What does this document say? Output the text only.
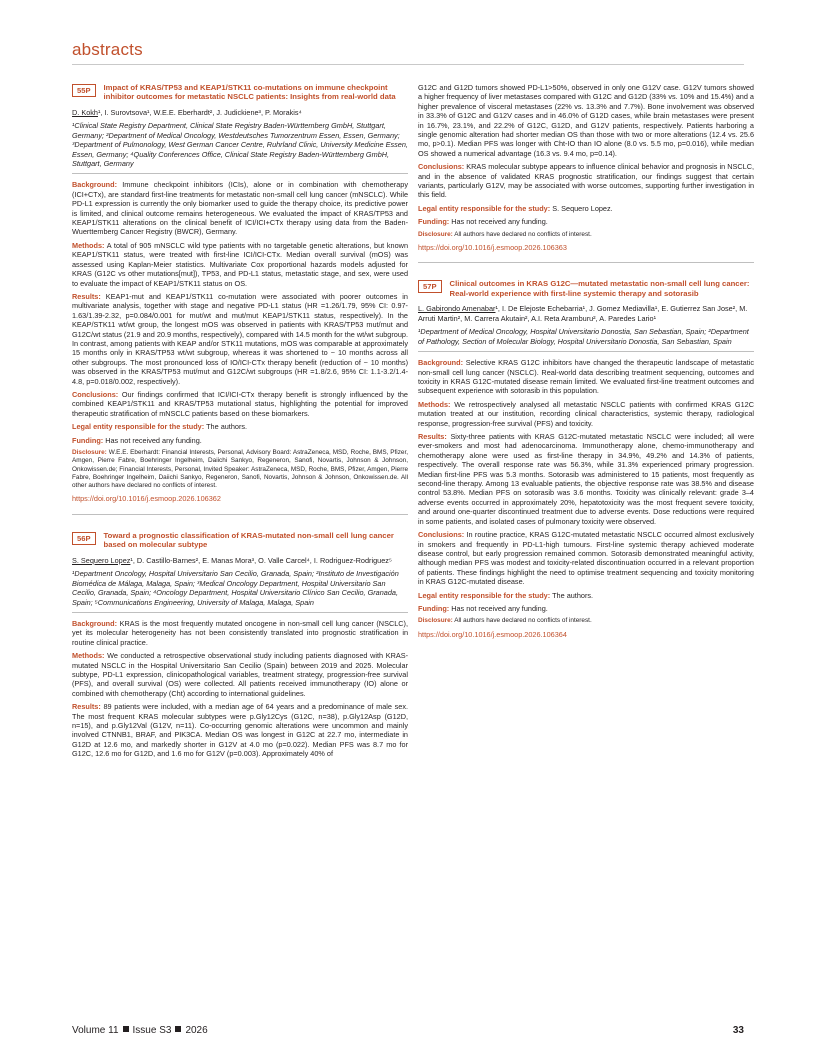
abstracts
55P	Impact of KRAS/TP53 and KEAP1/STK11 co-mutations on immune checkpoint inhibitor outcomes for metastatic NSCLC patients: Insights from real-world data
D. Kokh¹, I. Surovtsova¹, W.E.E. Eberhardt², J. Judickiene³, P. Morakis⁴
¹Clinical State Registry Department, Clinical State Registry Baden-Württemberg GmbH, Stuttgart, Germany; ²Department of Medical Oncology, Westdeutsches Tumorzentrum Essen, Essen, Germany; ³Department of Pulmonology, West German Cancer Centre, Ruhrland Clinic, University Medicine Essen, Essen, Germany; ⁴Quality Conferences Office, Clinical State Registry Baden-Württemberg GmbH, Stuttgart, Germany

Background: Immune checkpoint inhibitors (ICIs), alone or in combination with chemotherapy (ICI+CTx), are standard first-line treatments for metastatic non-small cell lung cancer (mNSCLC). While PD-L1 expression is currently the only biomarker used to guide the therapy choice, its predictive power is limited, and clinical outcome remains heterogeneous. We evaluated the impact of KRAS/TP53 and KEAP1/STK11 alterations on the clinical benefit of ICI/ICI+CTx therapy using data from the Baden-Wuerttemberg Cancer Registry (BWCR), Germany.

Methods: A total of 905 mNSCLC wild type patients with no targetable genetic alterations, but known KEAP1/STK11 status, were treated with first-line ICI/ICI-CTx. Median overall survival (mOS) was assessed using Kaplan-Meier statistics. Multivariate Cox proportional hazards models adjusted for KRAS (G12C vs other mutations[mut]), TP53, and PD-L1 status, metastatic stage, and sex, were used to evaluate the impact of KEAP1/STK11 status on OS.

Results: KEAP1-mut and KEAP1/STK11 co-mutation were associated with poorer outcomes in multivariate analysis, together with stage and negative PD-L1 status (HR =1.26/1.79, 95% CI: 0.97-1.63/1.39-2.32, p=0.084/0.001 for mut/wt and mut/mut KEAP1/STK11 status, respectively). In the KEAP/STK11 wt/wt group, the longest mOS was observed in patients with KRAS/TP53 mut/mut and G12C/wt status (21.9 and 20.9 months, respectively), compared with 14.5 month for the wt/wt subgroup. In contrast, among patients with KEAP and/or STK11 mutations, mOS was comparable at approximately 15 months only in KRAS/TP53 wt/wt subgroup, whereas it was shortened to ~ 10 months across all other subgroups. The most pronounced loss of IO/ICI-CTx therapy benefit (reduction of ~ 10 months) was observed in the KRAS/TP53 mut/mut and G12C/wt subgroups (HR =1.8/2.6, 95% CI: 1.1-3.2/1.4-4.8, p=0.018/0.002, respectively).

Conclusions: Our findings confirmed that ICI/ICI-CTx therapy benefit is strongly influenced by the combined KEAP1/STK11 and KRAS/TP53 mutational status, highlighting the potential for improved therapeutic stratification of mNSCLC patients based on these biomarkers.

Legal entity responsible for the study: The authors.

Funding: Has not received any funding.

Disclosure: W.E.E. Eberhardt: Financial Interests, Personal, Advisory Board: AstraZeneca, MSD, Roche, BMS, Pfizer, Amgen, Pierre Fabre, Boehringer Ingelheim, Daiichi Sankyo, Regeneron, Sanofi, Novartis, Johnson & Johnson, Onkowissen.de; Financial Interests, Personal, Invited Speaker: AstraZeneca, MSD, Roche, BMS, Pfizer, Amgen, Pierre Fabre, Boehringer Ingelheim, Daiichi Sankyo, Regeneron, Sanofi, Novartis, Johnson & Johnson, Onkowissen.de. All other authors have declared no conflicts of interest.

https://doi.org/10.1016/j.esmoop.2026.106362
56P	Toward a prognostic classification of KRAS-mutated non-small cell lung cancer based on molecular subtype
S. Sequero Lopez¹, D. Castillo-Barnes², E. Manas Mora³, O. Valle Carcel⁴, I. Rodriguez-Rodriguez⁵
¹Department Oncology, Hospital Universitario San Cecilio, Granada, Spain; ²Instituto de Investigación Biomédica de Málaga, Malaga, Spain; ³Medical Oncology Department, Hospital Universitario San Cecilio, Granada, Spain; ⁴Oncology Department, Hospital Universitario Clínico San Cecilio, Granada, Spain; ⁵Communications Engineering, University of Malaga, Malaga, Spain

Background: KRAS is the most frequently mutated oncogene in non-small cell lung cancer (NSCLC), yet its molecular heterogeneity has not been consistently translated into prognostic stratification in routine clinical practice.

Methods: We conducted a retrospective observational study including patients diagnosed with KRAS-mutated NSCLC in the Hospital Universitario San Cecilio (Spain) between 2019 and 2025. Molecular subtype, PD-L1 expression, clinicopathological variables, treatment strategy, progression-free survival (PFS), and overall survival (OS) were collected. All patients received immunotherapy (IO) alone or combined with chemotherapy (Cht) according to international guidelines.

Results: 89 patients were included, with a median age of 64 years and a predominance of male sex. The most frequent KRAS molecular subtypes were p.Gly12Cys (G12C, n=38), p.Gly12Asp (G12D, n=15), and p.Gly12Val (G12V, n=11). Co-occurring genomic alterations were uncommon and mainly involved CTNNB1, BRAF, and PIK3CA. Median OS was longest in G12C at 22.7 mo, intermediate in G12D at 12.6 mo, and markedly shorter in G12V at 4.0 mo (p=0.022). Median PFS was 8.7 mo for G12C, 12.6 mo for G12D, and 1.6 mo for G12V (p=0.003). Approximately 40% of

G12C and G12D tumors showed PD-L1>50%, observed in only one G12V case. G12V tumors showed a higher frequency of liver metastases compared with G12C and G12D (33% vs. 10% and 15.4%) and a higher prevalence of visceral metastases (22% vs. 13.3% and 7.7%). Bone involvement was observed in 33.3% of G12C and G12V cases and in 46.0% of G12D cases, while brain metastases were present in 16.7%, 23.1%, and 22.2% of G12C, G12D, and G12V patients, respectively. Patients harboring a single genomic alteration had shorter median OS than those with two or more alterations (12.4 vs. 25.6 mo, p>0.1). Median PFS was longer with Cht-IO than IO alone (8.0 vs. 5.5 mo, p=0.016), while median OS showed a numerical advantage (16.3 vs. 9.4 mo, p=0.14).

Conclusions: KRAS molecular subtype appears to influence clinical behavior and prognosis in NSCLC, and in the absence of validated KRAS prognostic stratification, our findings suggest that certain variants, particularly G12V, may be associated with worse outcomes, supporting further investigation in this field.

Legal entity responsible for the study: S. Sequero Lopez.

Funding: Has not received any funding.

Disclosure: All authors have declared no conflicts of interest.

https://doi.org/10.1016/j.esmoop.2026.106363
57P	Clinical outcomes in KRAS G12C—mutated metastatic non-small cell lung cancer: Real-world experience with first-line systemic therapy and sotorasib
L. Gabirondo Amenabar¹, I. De Elejoste Echebarria¹, J. Gomez Mediavilla¹, E. Gutierrez San Jose², M. Arruti Martin², M. Carrera Akutain², A.I. Reta Aramburu², A. Paredes Lario¹
¹Department of Medical Oncology, Hospital Universitario Donostia, San Sebastian, Spain; ²Department of Pathology, Section of Molecular Biology, Hospital Universitario Donostia, San Sebastian, Spain

Background: Selective KRAS G12C inhibitors have changed the therapeutic landscape of metastatic non-small cell lung cancer (NSCLC). Real-world data describing treatment sequencing, outcomes and toxicity in KRAS G12C-mutated disease remain limited. We evaluated first-line treatment outcomes and subsequent experience with sotorasib in this population.

Methods: We retrospectively analysed all metastatic NSCLC patients with confirmed KRAS G12C mutation treated at our institution, recording clinical characteristics, systemic therapy, radiological response, progression-free survival (PFS) and toxicity.

Results: Sixty-three patients with KRAS G12C-mutated metastatic NSCLC were included; all were ever-smokers and most had adenocarcinoma. Immunotherapy alone, chemo-immunotherapy and chemotherapy alone were used as first-line therapy in 34.9%, 49.2% and 14.3% of patients, respectively. The overall response rate was 56.3%, while 31.3% experienced primary progression. Median first-line PFS was 5.3 months. Sotorasib was administered to 15 patients, most frequently as second-line therapy. Among 13 evaluable patients, the objective response rate was 38.5% and disease control 53.8%. Median PFS on sotorasib was 3.6 months. Toxicity was clinically relevant: grade 3–4 adverse events occurred in approximately 20%, hepatotoxicity was the most frequent severe toxicity, and around one-quarter discontinued treatment due to adverse events. Dose reductions were required in some patients, and isolated cases of pulmonary toxicity were observed.

Conclusions: In routine practice, KRAS G12C-mutated metastatic NSCLC occurred almost exclusively in smokers and frequently in PD-L1-high tumours. First-line systemic therapy achieved moderate disease control, but early progression remained common. Sotorasib demonstrated meaningful activity, although median PFS was modest and toxicity-related discontinuation occurred in a relevant proportion of patients. These findings highlight the need to optimise treatment sequencing and toxicity monitoring in KRAS G12C-mutated disease.

Legal entity responsible for the study: The authors.

Funding: Has not received any funding.

Disclosure: All authors have declared no conflicts of interest.

https://doi.org/10.1016/j.esmoop.2026.106364
Volume 11 Issue S3 2026	33
